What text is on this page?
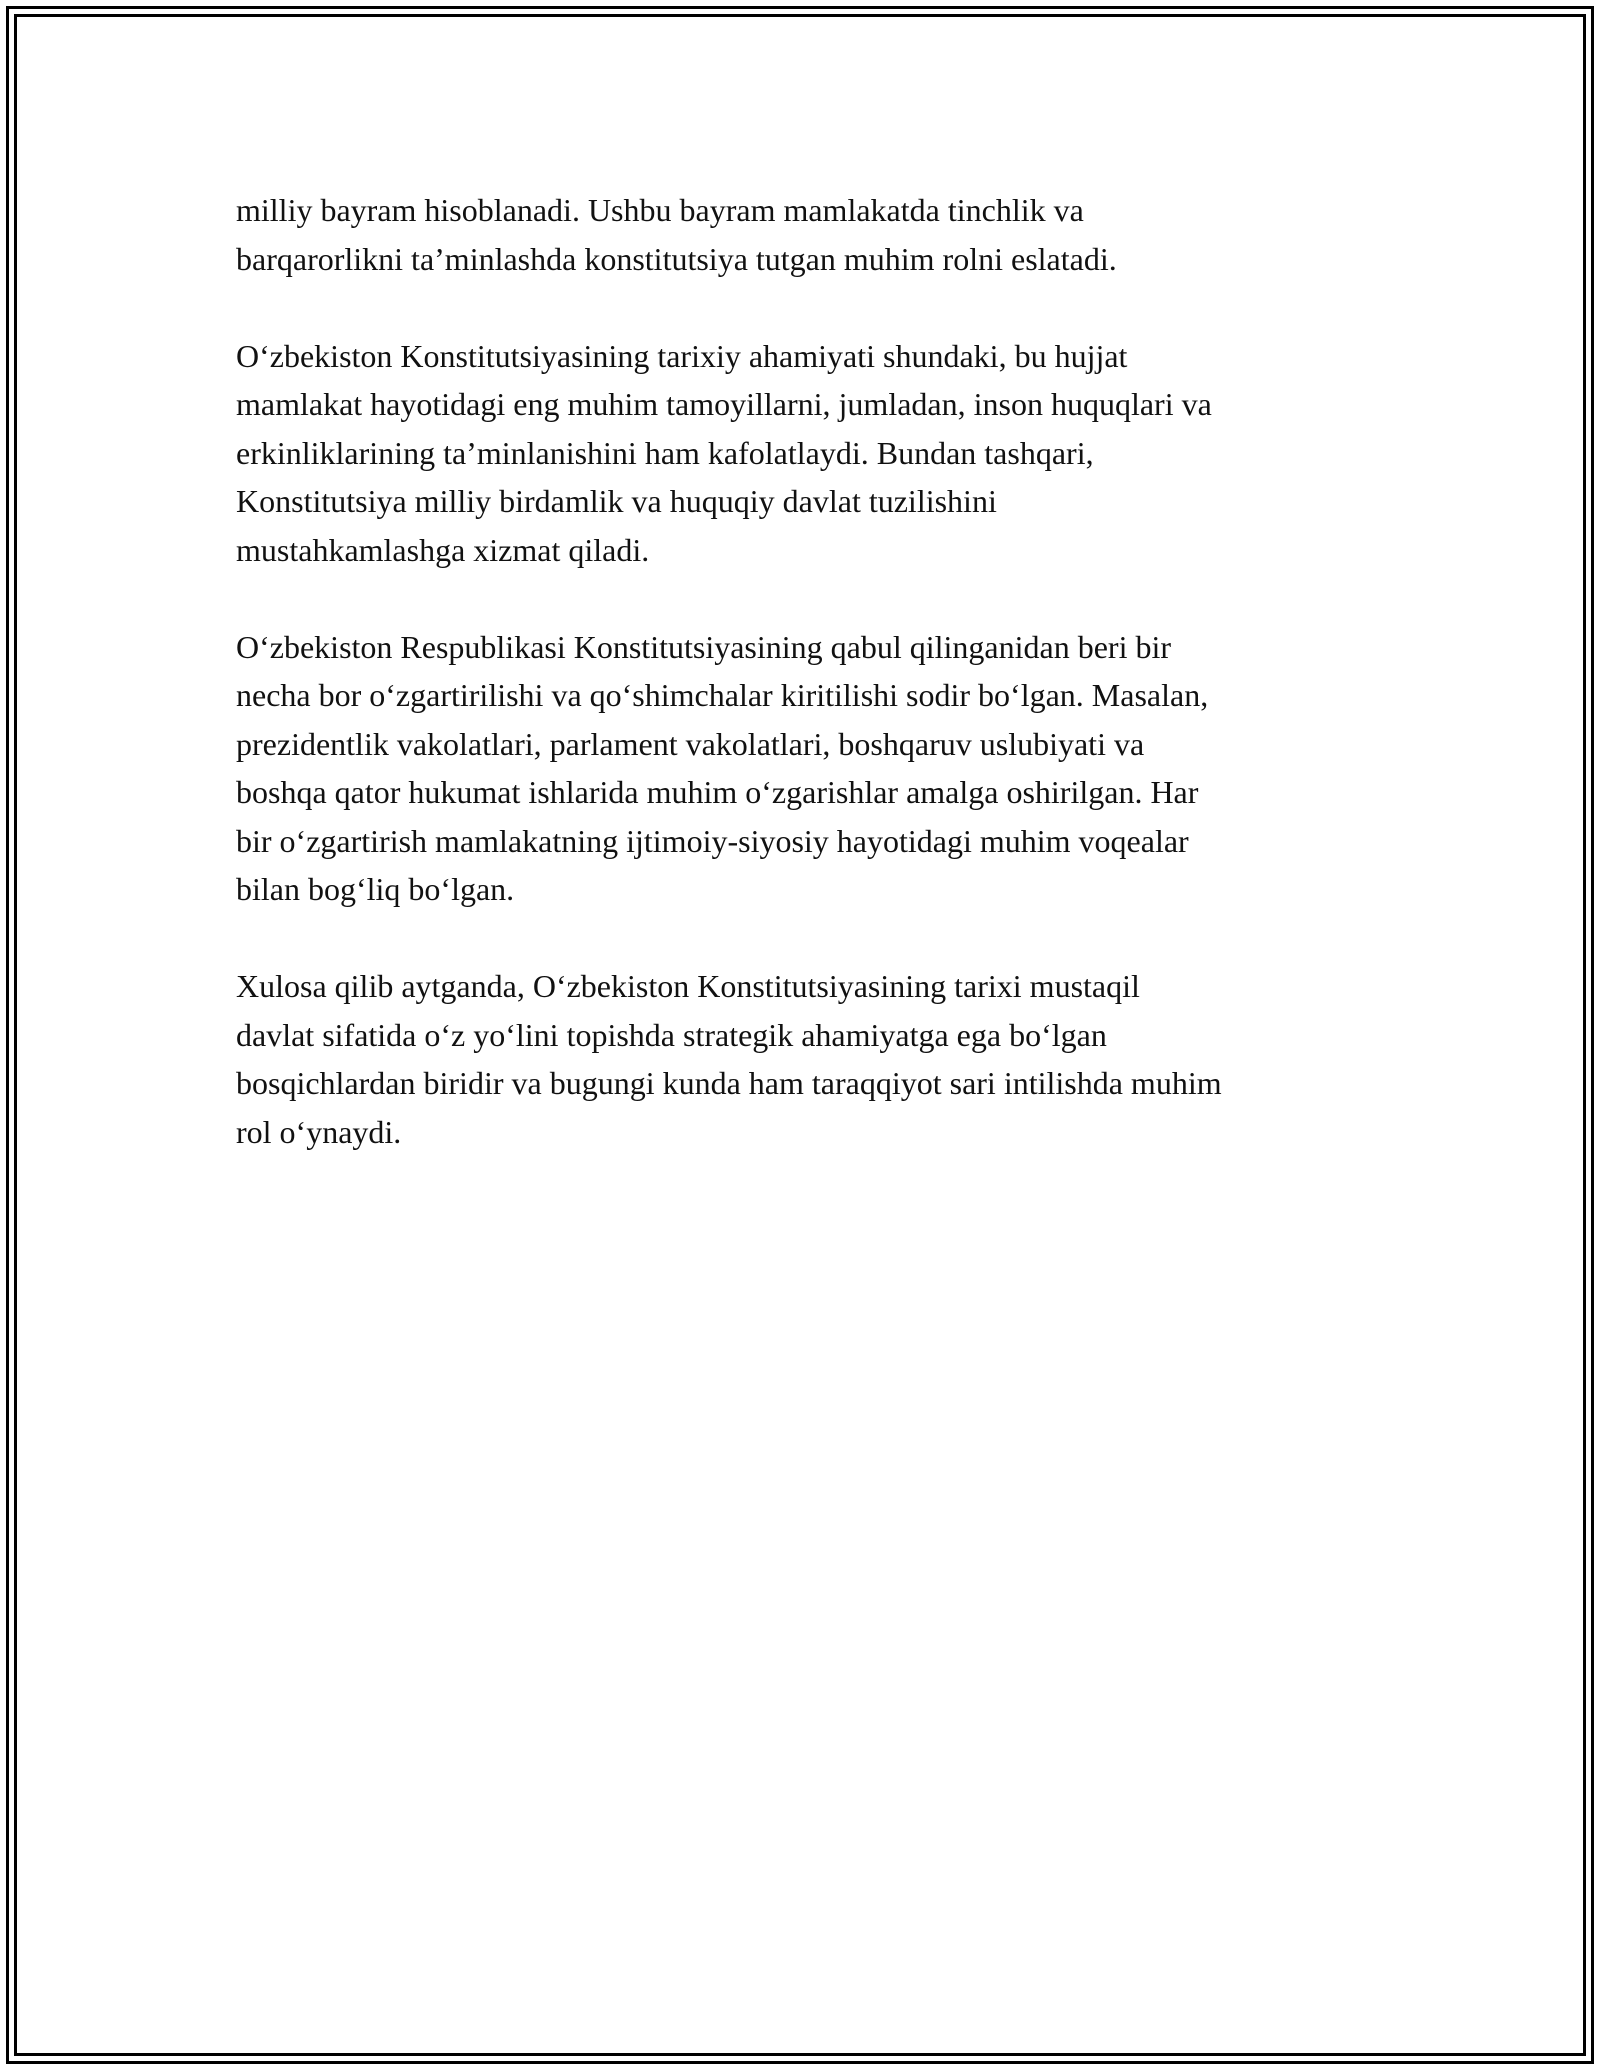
milliy bayram hisoblanadi. Ushbu bayram mamlakatda tinchlik va
barqarorlikni ta’minlashda konstitutsiya tutgan muhim rolni eslatadi.

O‘zbekiston Konstitutsiyasining tarixiy ahamiyati shundaki, bu hujjat
mamlakat hayotidagi eng muhim tamoyillarni, jumladan, inson huquqlari va
erkinliklarining ta’minlanishini ham kafolatlaydi. Bundan tashqari,
Konstitutsiya milliy birdamlik va huquqiy davlat tuzilishini
mustahkamlashga xizmat qiladi.

O‘zbekiston Respublikasi Konstitutsiyasining qabul qilinganidan beri bir
necha bor o‘zgartirilishi va qo‘shimchalar kiritilishi sodir bo‘lgan. Masalan,
prezidentlik vakolatlari, parlament vakolatlari, boshqaruv uslubiyati va
boshqa qator hukumat ishlarida muhim o‘zgarishlar amalga oshirilgan. Har
bir o‘zgartirish mamlakatning ijtimoiy-siyosiy hayotidagi muhim voqealar
bilan bog‘liq bo‘lgan.

Xulosa qilib aytganda, O‘zbekiston Konstitutsiyasining tarixi mustaqil
davlat sifatida o‘z yo‘lini topishda strategik ahamiyatga ega bo‘lgan
bosqichlardan biridir va bugungi kunda ham taraqqiyot sari intilishda muhim
rol o‘ynaydi.
